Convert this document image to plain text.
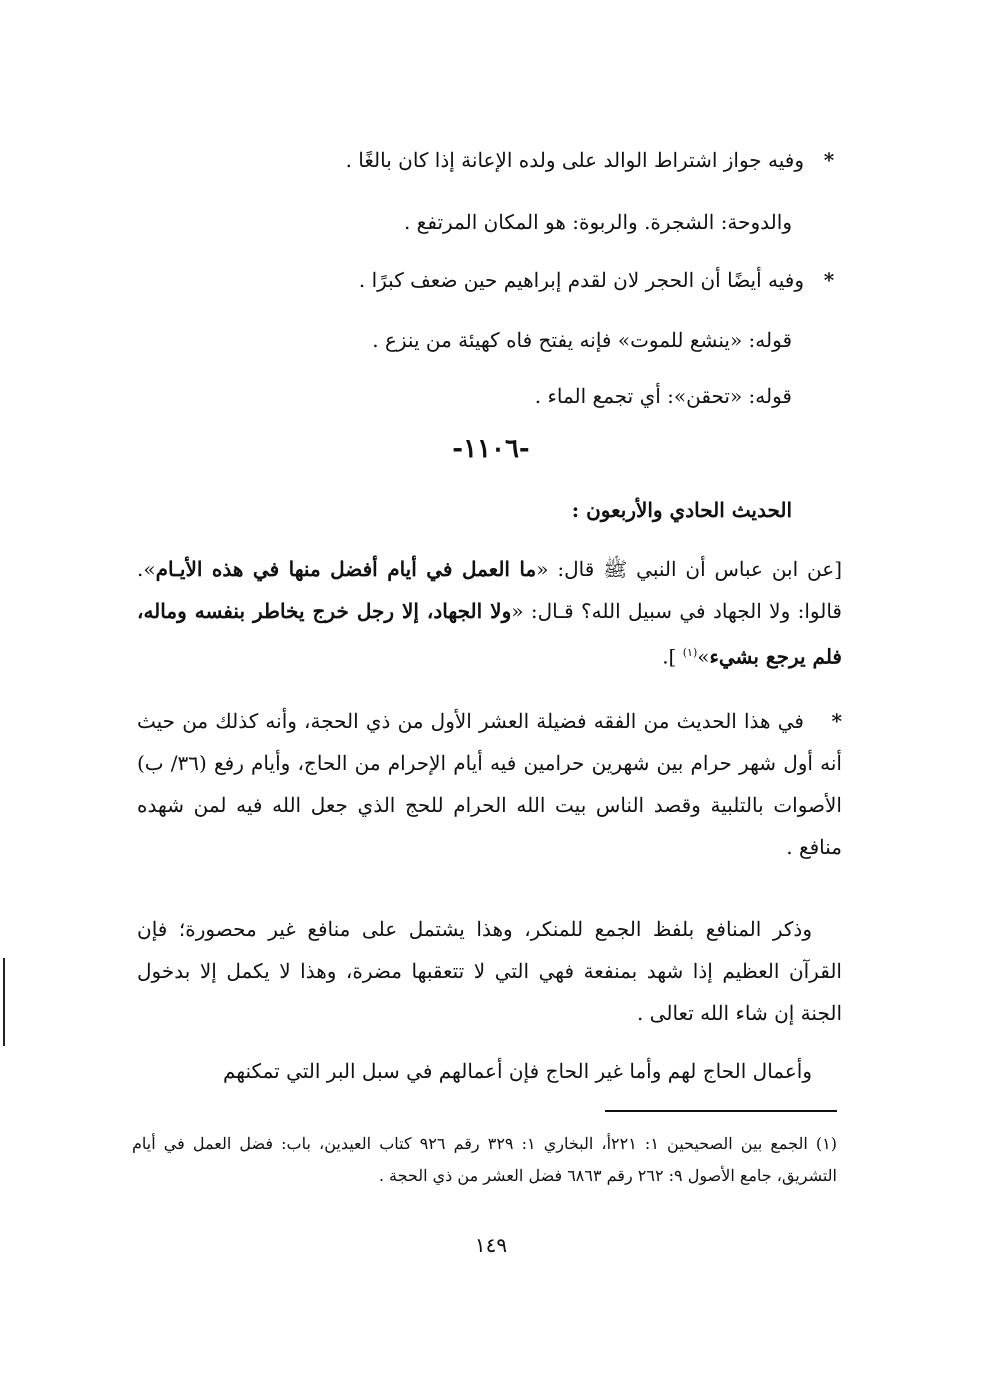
*وفيه جواز اشتراط الوالد على ولده الإعانة إذا كان بالغًا .

والدوحة: الشجرة. والربوة: هو المكان المرتفع .

*وفيه أيضًا أن الحجر لان لقدم إبراهيم حين ضعف كبرًا .

قوله: «ينشع للموت» فإنه يفتح فاه كهيئة من ينزع .

قوله: «تحقن»: أي تجمع الماء .

-١١٠٦-

الحديث الحادي والأربعون :

[عن ابن عباس أن النبي ﷺ قال: «ما العمل في أيام أفضل منها في هذه الأيـام». قالوا: ولا الجهاد في سبيل الله؟ قـال: «ولا الجهاد، إلا رجل خرج يخاطر بنفسه وماله، فلم يرجع بشيء»$^{(١)}$ ].

*في هذا الحديث من الفقه فضيلة العشر الأول من ذي الحجة، وأنه كذلك من حيث أنه أول شهر حرام بين شهرين حرامين فيه أيام الإحرام من الحاج، وأيام رفع (٣٦/ ب) الأصوات بالتلبية وقصد الناس بيت الله الحرام للحج الذي جعل الله فيه لمن شهده منافع .

وذكر المنافع بلفظ الجمع للمنكر، وهذا يشتمل على منافع غير محصورة؛ فإن القرآن العظيم إذا شهد بمنفعة فهي التي لا تتعقبها مضرة، وهذا لا يكمل إلا بدخول الجنة إن شاء الله تعالى .

وأعمال الحاج لهم وأما غير الحاج فإن أعمالهم في سبل البر التي تمكنهم

(١) الجمع بين الصحيحين ١: ٢٢١أ، البخاري ١: ٣٢٩ رقم ٩٢٦ كتاب العيدين، باب: فضل العمل في أيام التشريق، جامع الأصول ٩: ٢٦٢ رقم ٦٨٦٣ فضل العشر من ذي الحجة .

١٤٩
